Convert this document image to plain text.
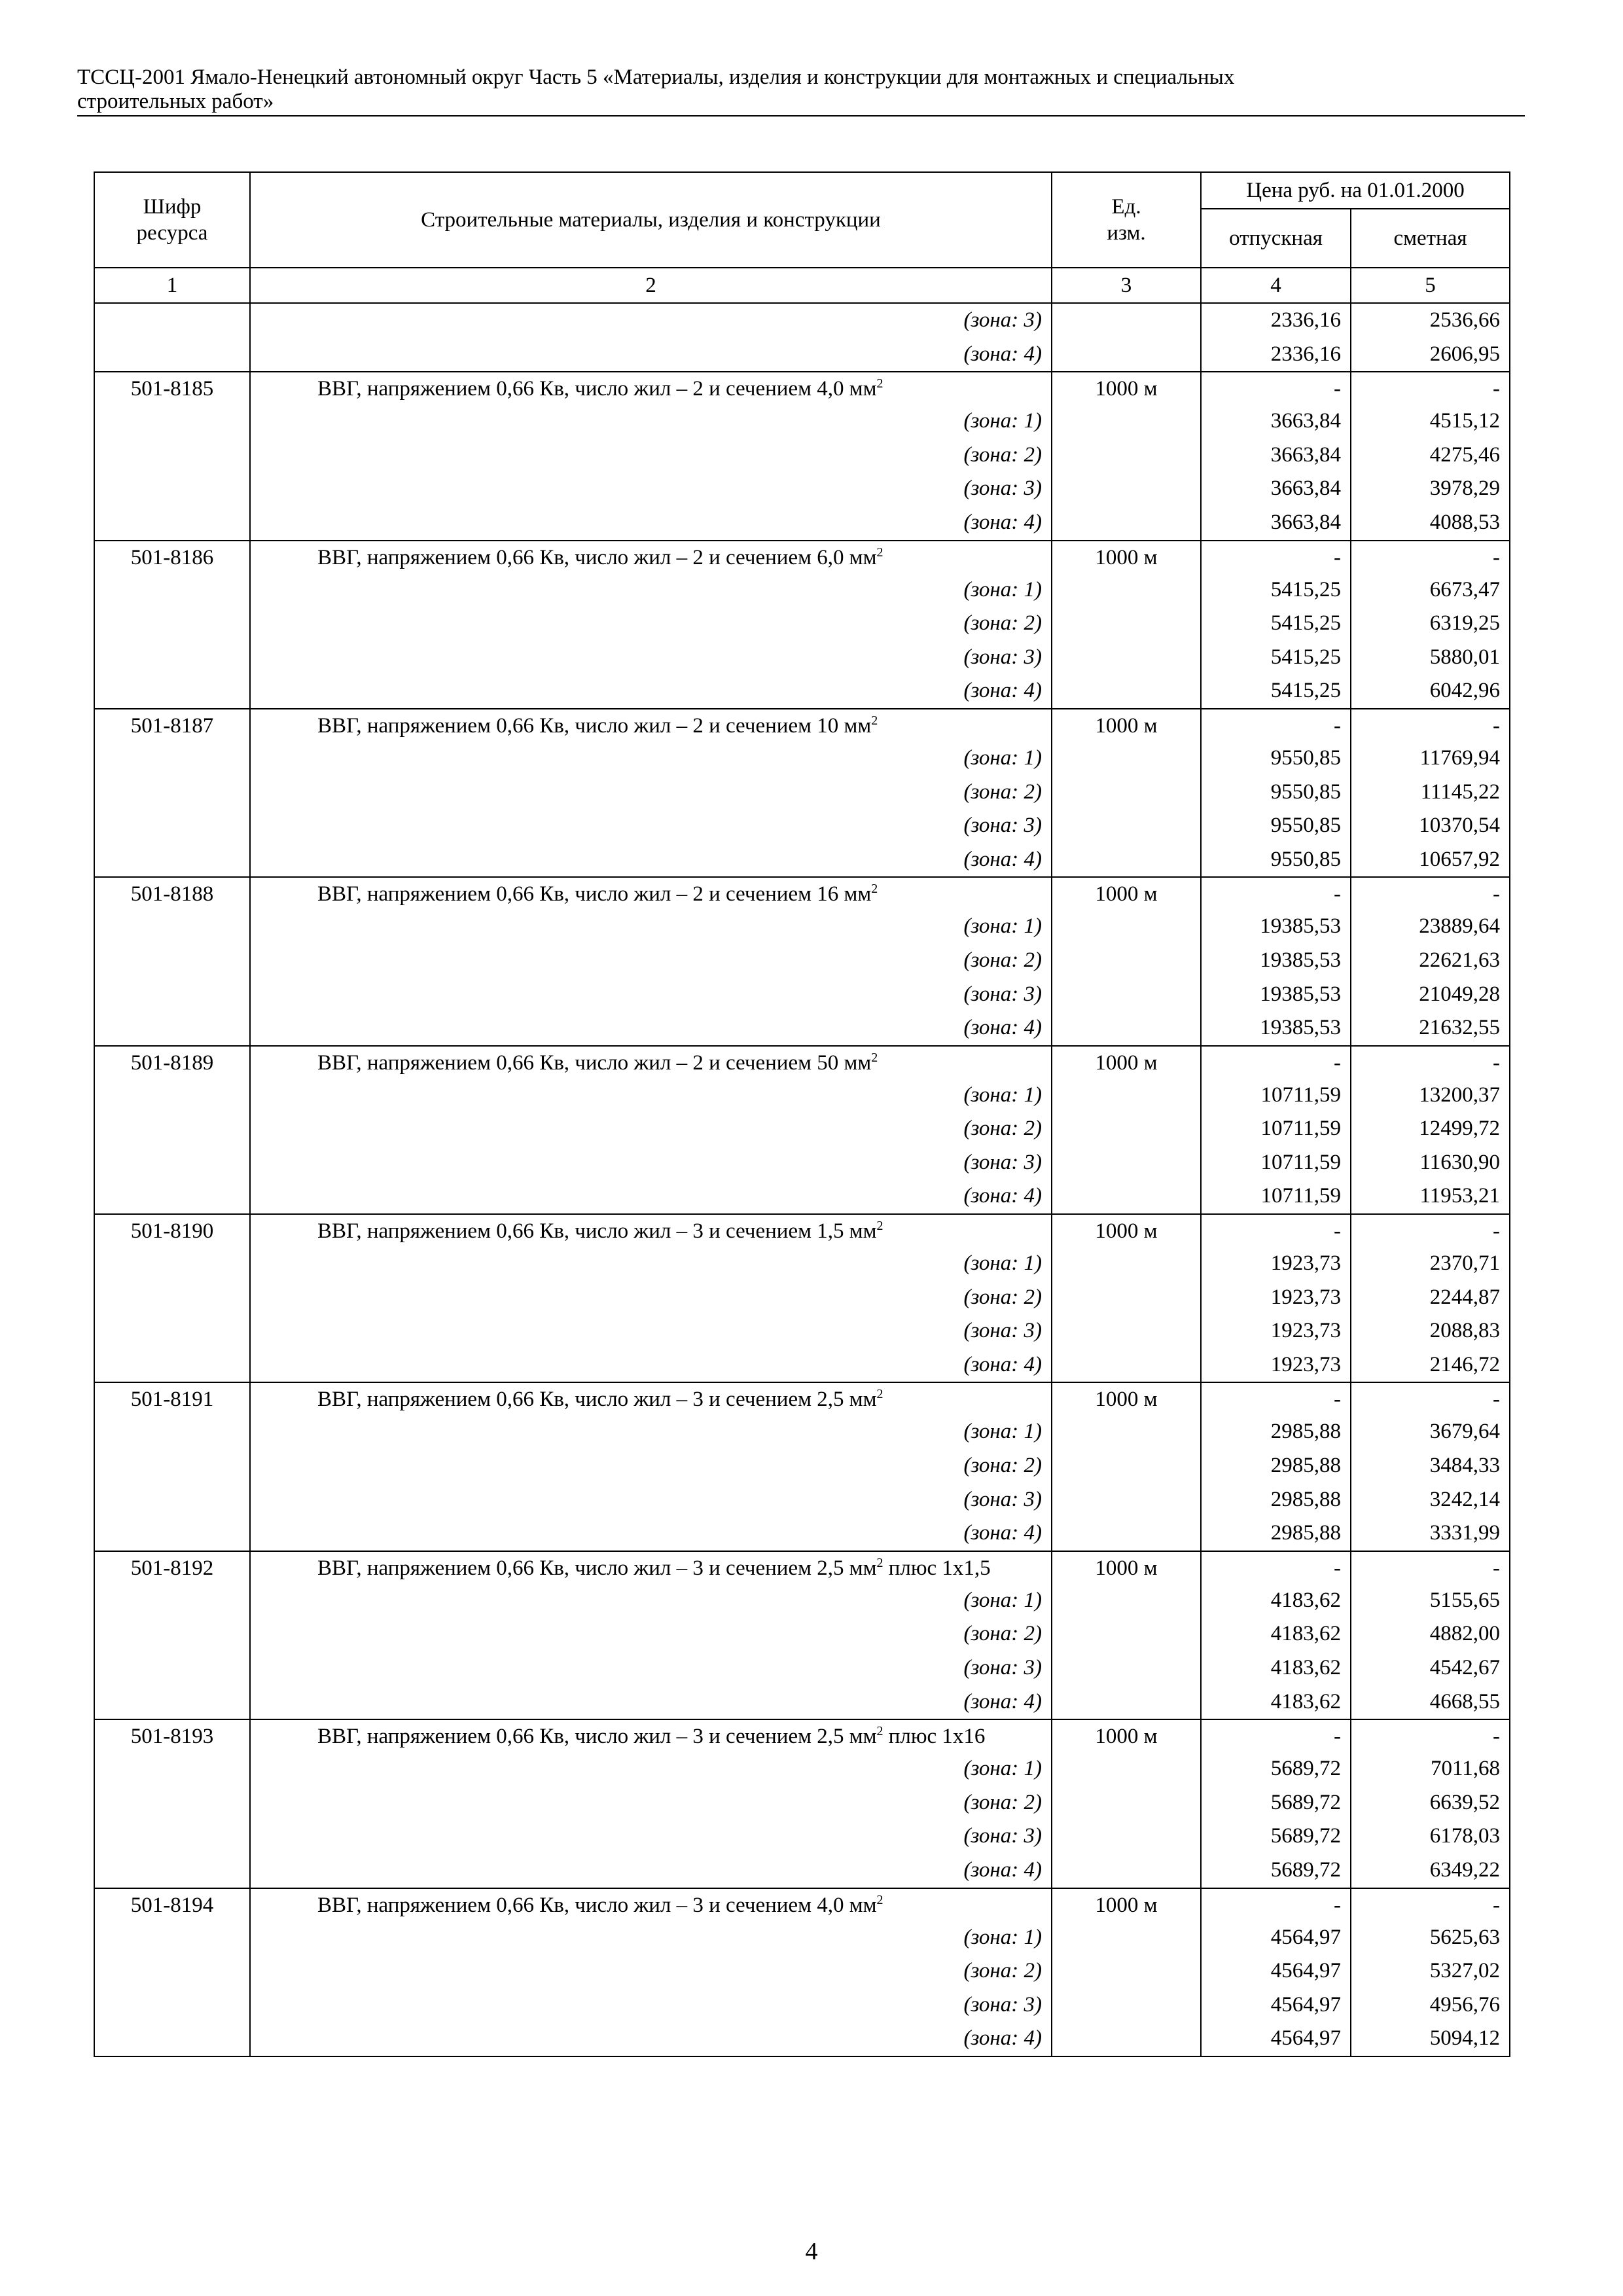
ТССЦ-2001 Ямало-Ненецкий автономный округ Часть 5 «Материалы, изделия и конструкции для монтажных и специальных
строительных работ»
Шифр ресурса	Строительные материалы, изделия и конструкции	Ед. изм.	Цена руб. на 01.01.2000	
			отпускная	сметная
1	2	3	4	5
	(зона: 3)		2336,16	2536,66
	(зона: 4)		2336,16	2606,95
501-8185	ВВГ, напряжением 0,66 Кв, число жил – 2 и сечением 4,0 $мм^2$	1000 м	-	-
	(зона: 1)		3663,84	4515,12
	(зона: 2)		3663,84	4275,46
	(зона: 3)		3663,84	3978,29
	(зона: 4)		3663,84	4088,53
501-8186	ВВГ, напряжением 0,66 Кв, число жил – 2 и сечением 6,0 $мм^2$	1000 м	-	-
	(зона: 1)		5415,25	6673,47
	(зона: 2)		5415,25	6319,25
	(зона: 3)		5415,25	5880,01
	(зона: 4)		5415,25	6042,96
501-8187	ВВГ, напряжением 0,66 Кв, число жил – 2 и сечением 10 $мм^2$	1000 м	-	-
	(зона: 1)		9550,85	11769,94
	(зона: 2)		9550,85	11145,22
	(зона: 3)		9550,85	10370,54
	(зона: 4)		9550,85	10657,92
501-8188	ВВГ, напряжением 0,66 Кв, число жил – 2 и сечением 16 $мм^2$	1000 м	-	-
	(зона: 1)		19385,53	23889,64
	(зона: 2)		19385,53	22621,63
	(зона: 3)		19385,53	21049,28
	(зона: 4)		19385,53	21632,55
501-8189	ВВГ, напряжением 0,66 Кв, число жил – 2 и сечением 50 $мм^2$	1000 м	-	-
	(зона: 1)		10711,59	13200,37
	(зона: 2)		10711,59	12499,72
	(зона: 3)		10711,59	11630,90
	(зона: 4)		10711,59	11953,21
501-8190	ВВГ, напряжением 0,66 Кв, число жил – 3 и сечением 1,5 $мм^2$	1000 м	-	-
	(зона: 1)		1923,73	2370,71
	(зона: 2)		1923,73	2244,87
	(зона: 3)		1923,73	2088,83
	(зона: 4)		1923,73	2146,72
501-8191	ВВГ, напряжением 0,66 Кв, число жил – 3 и сечением 2,5 $мм^2$	1000 м	-	-
	(зона: 1)		2985,88	3679,64
	(зона: 2)		2985,88	3484,33
	(зона: 3)		2985,88	3242,14
	(зона: 4)		2985,88	3331,99
501-8192	ВВГ, напряжением 0,66 Кв, число жил – 3 и сечением 2,5 $мм^2$ плюс 1х1,5	1000 м	-	-
	(зона: 1)		4183,62	5155,65
	(зона: 2)		4183,62	4882,00
	(зона: 3)		4183,62	4542,67
	(зона: 4)		4183,62	4668,55
501-8193	ВВГ, напряжением 0,66 Кв, число жил – 3 и сечением 2,5 $мм^2$ плюс 1х16	1000 м	-	-
	(зона: 1)		5689,72	7011,68
	(зона: 2)		5689,72	6639,52
	(зона: 3)		5689,72	6178,03
	(зона: 4)		5689,72	6349,22
501-8194	ВВГ, напряжением 0,66 Кв, число жил – 3 и сечением 4,0 $мм^2$	1000 м	-	-
	(зона: 1)		4564,97	5625,63
	(зона: 2)		4564,97	5327,02
	(зона: 3)		4564,97	4956,76
	(зона: 4)		4564,97	5094,12
4
